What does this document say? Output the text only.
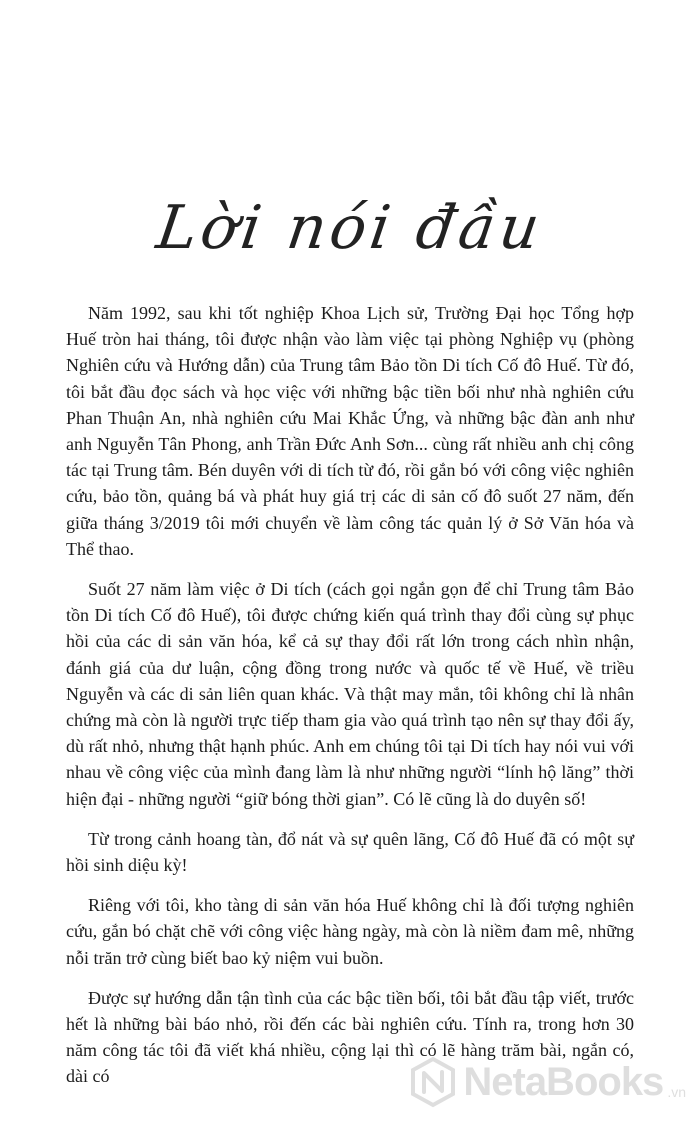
Lời nói đầu

Năm 1992, sau khi tốt nghiệp Khoa Lịch sử, Trường Đại học Tổng hợp Huế tròn hai tháng, tôi được nhận vào làm việc tại phòng Nghiệp vụ (phòng Nghiên cứu và Hướng dẫn) của Trung tâm Bảo tồn Di tích Cố đô Huế. Từ đó, tôi bắt đầu đọc sách và học việc với những bậc tiền bối như nhà nghiên cứu Phan Thuận An, nhà nghiên cứu Mai Khắc Ứng, và những bậc đàn anh như anh Nguyễn Tân Phong, anh Trần Đức Anh Sơn... cùng rất nhiều anh chị công tác tại Trung tâm. Bén duyên với di tích từ đó, rồi gắn bó với công việc nghiên cứu, bảo tồn, quảng bá và phát huy giá trị các di sản cố đô suốt 27 năm, đến giữa tháng 3/2019 tôi mới chuyển về làm công tác quản lý ở Sở Văn hóa và Thể thao.

Suốt 27 năm làm việc ở Di tích (cách gọi ngắn gọn để chỉ Trung tâm Bảo tồn Di tích Cố đô Huế), tôi được chứng kiến quá trình thay đổi cùng sự phục hồi của các di sản văn hóa, kể cả sự thay đổi rất lớn trong cách nhìn nhận, đánh giá của dư luận, cộng đồng trong nước và quốc tế về Huế, về triều Nguyễn và các di sản liên quan khác. Và thật may mắn, tôi không chỉ là nhân chứng mà còn là người trực tiếp tham gia vào quá trình tạo nên sự thay đổi ấy, dù rất nhỏ, nhưng thật hạnh phúc. Anh em chúng tôi tại Di tích hay nói vui với nhau về công việc của mình đang làm là như những người “lính hộ lăng” thời hiện đại - những người “giữ bóng thời gian”. Có lẽ cũng là do duyên số!

Từ trong cảnh hoang tàn, đổ nát và sự quên lãng, Cố đô Huế đã có một sự hồi sinh diệu kỳ!

Riêng với tôi, kho tàng di sản văn hóa Huế không chỉ là đối tượng nghiên cứu, gắn bó chặt chẽ với công việc hàng ngày, mà còn là niềm đam mê, những nỗi trăn trở cùng biết bao kỷ niệm vui buồn.

Được sự hướng dẫn tận tình của các bậc tiền bối, tôi bắt đầu tập viết, trước hết là những bài báo nhỏ, rồi đến các bài nghiên cứu. Tính ra, trong hơn 30 năm công tác tôi đã viết khá nhiều, cộng lại thì có lẽ hàng trăm bài, ngắn có, dài có	NetaBooks .vn
